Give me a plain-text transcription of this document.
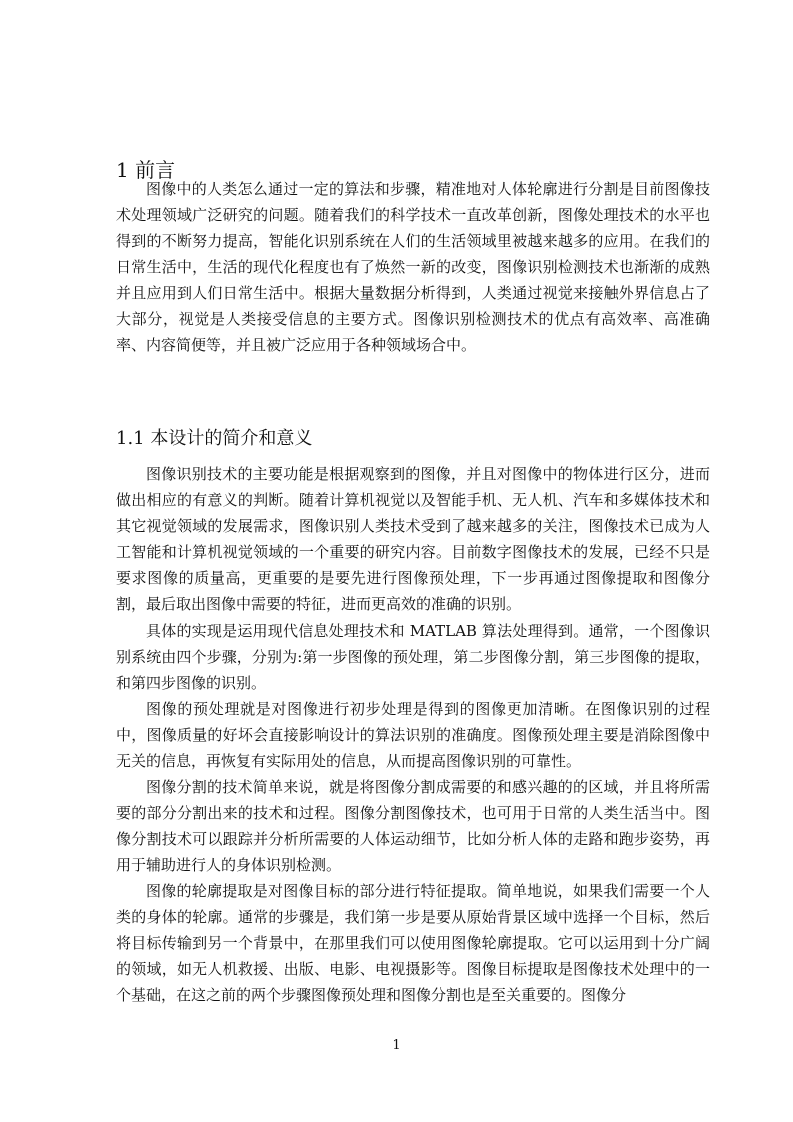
1 前言

图像中的人类怎么通过一定的算法和步骤，精准地对人体轮廓进行分割是目前图像技术处理领域广泛研究的问题。随着我们的科学技术一直改革创新，图像处理技术的水平也得到的不断努力提高，智能化识别系统在人们的生活领域里被越来越多的应用。在我们的日常生活中，生活的现代化程度也有了焕然一新的改变，图像识别检测技术也渐渐的成熟并且应用到人们日常生活中。根据大量数据分析得到，人类通过视觉来接触外界信息占了大部分，视觉是人类接受信息的主要方式。图像识别检测技术的优点有高效率、高准确率、内容简便等，并且被广泛应用于各种领域场合中。

1.1 本设计的简介和意义

图像识别技术的主要功能是根据观察到的图像，并且对图像中的物体进行区分，进而做出相应的有意义的判断。随着计算机视觉以及智能手机、无人机、汽车和多媒体技术和其它视觉领域的发展需求，图像识别人类技术受到了越来越多的关注，图像技术已成为人工智能和计算机视觉领域的一个重要的研究内容。目前数字图像技术的发展，已经不只是要求图像的质量高，更重要的是要先进行图像预处理，下一步再通过图像提取和图像分割，最后取出图像中需要的特征，进而更高效的准确的识别。

具体的实现是运用现代信息处理技术和 MATLAB 算法处理得到。通常，一个图像识别系统由四个步骤，分别为:第一步图像的预处理，第二步图像分割，第三步图像的提取，和第四步图像的识别。

图像的预处理就是对图像进行初步处理是得到的图像更加清晰。在图像识别的过程中，图像质量的好坏会直接影响设计的算法识别的准确度。图像预处理主要是消除图像中无关的信息，再恢复有实际用处的信息，从而提高图像识别的可靠性。

图像分割的技术简单来说，就是将图像分割成需要的和感兴趣的的区域，并且将所需要的部分分割出来的技术和过程。图像分割图像技术，也可用于日常的人类生活当中。图像分割技术可以跟踪并分析所需要的人体运动细节，比如分析人体的走路和跑步姿势，再用于辅助进行人的身体识别检测。

图像的轮廓提取是对图像目标的部分进行特征提取。简单地说，如果我们需要一个人类的身体的轮廓。通常的步骤是，我们第一步是要从原始背景区域中选择一个目标，然后将目标传输到另一个背景中，在那里我们可以使用图像轮廓提取。它可以运用到十分广阔的领域，如无人机救援、出版、电影、电视摄影等。图像目标提取是图像技术处理中的一个基础，在这之前的两个步骤图像预处理和图像分割也是至关重要的。图像分

1
